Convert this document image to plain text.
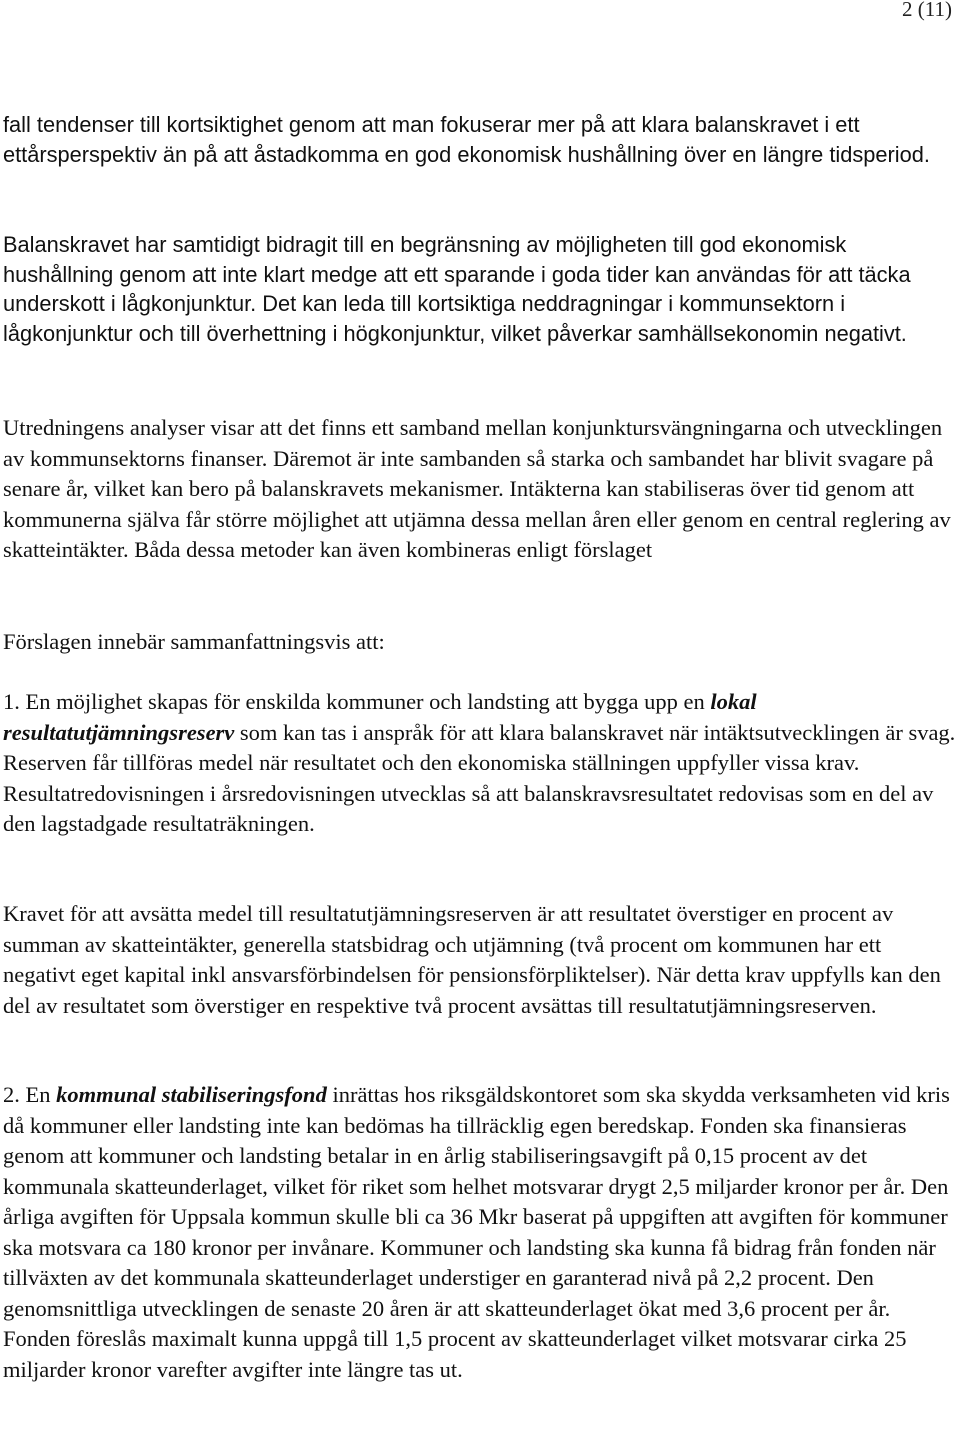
2 (11)

fall tendenser till kortsiktighet genom att man fokuserar mer på att klara balanskravet i ett ettårsperspektiv än på att åstadkomma en god ekonomisk hushållning över en längre tidsperiod.

Balanskravet har samtidigt bidragit till en begränsning av möjligheten till god ekonomisk hushållning genom att inte klart medge att ett sparande i goda tider kan användas för att täcka underskott i lågkonjunktur. Det kan leda till kortsiktiga neddragningar i kommunsektorn i lågkonjunktur och till överhettning i högkonjunktur, vilket påverkar samhällsekonomin negativt.

Utredningens analyser visar att det finns ett samband mellan konjunktursvängningarna och utvecklingen av kommunsektorns finanser. Däremot är inte sambanden så starka och sambandet har blivit svagare på senare år, vilket kan bero på balanskravets mekanismer. Intäkterna kan stabiliseras över tid genom att kommunerna själva får större möjlighet att utjämna dessa mellan åren eller genom en central reglering av skatteintäkter. Båda dessa metoder kan även kombineras enligt förslaget

Förslagen innebär sammanfattningsvis att:

1. En möjlighet skapas för enskilda kommuner och landsting att bygga upp en lokal resultatutjämningsreserv som kan tas i anspråk för att klara balanskravet när intäktsutvecklingen är svag. Reserven får tillföras medel när resultatet och den ekonomiska ställningen uppfyller vissa krav. Resultatredovisningen i årsredovisningen utvecklas så att balanskravsresultatet redovisas som en del av den lagstadgade resultaträkningen.

Kravet för att avsätta medel till resultatutjämningsreserven är att resultatet överstiger en procent av summan av skatteintäkter, generella statsbidrag och utjämning (två procent om kommunen har ett negativt eget kapital inkl ansvarsförbindelsen för pensionsförpliktelser). När detta krav uppfylls kan den del av resultatet som överstiger en respektive två procent avsättas till resultatutjämningsreserven.

2. En kommunal stabiliseringsfond inrättas hos riksgäldskontoret som ska skydda verksamheten vid kris då kommuner eller landsting inte kan bedömas ha tillräcklig egen beredskap. Fonden ska finansieras genom att kommuner och landsting betalar in en årlig stabiliseringsavgift på 0,15 procent av det kommunala skatteunderlaget, vilket för riket som helhet motsvarar drygt 2,5 miljarder kronor per år. Den årliga avgiften för Uppsala kommun skulle bli ca 36 Mkr baserat på uppgiften att avgiften för kommuner ska motsvara ca 180 kronor per invånare. Kommuner och landsting ska kunna få bidrag från fonden när tillväxten av det kommunala skatteunderlaget understiger en garanterad nivå på 2,2 procent. Den genomsnittliga utvecklingen de senaste 20 åren är att skatteunderlaget ökat med 3,6 procent per år. Fonden föreslås maximalt kunna uppgå till 1,5 procent av skatteunderlaget vilket motsvarar cirka 25 miljarder kronor varefter avgifter inte längre tas ut.
